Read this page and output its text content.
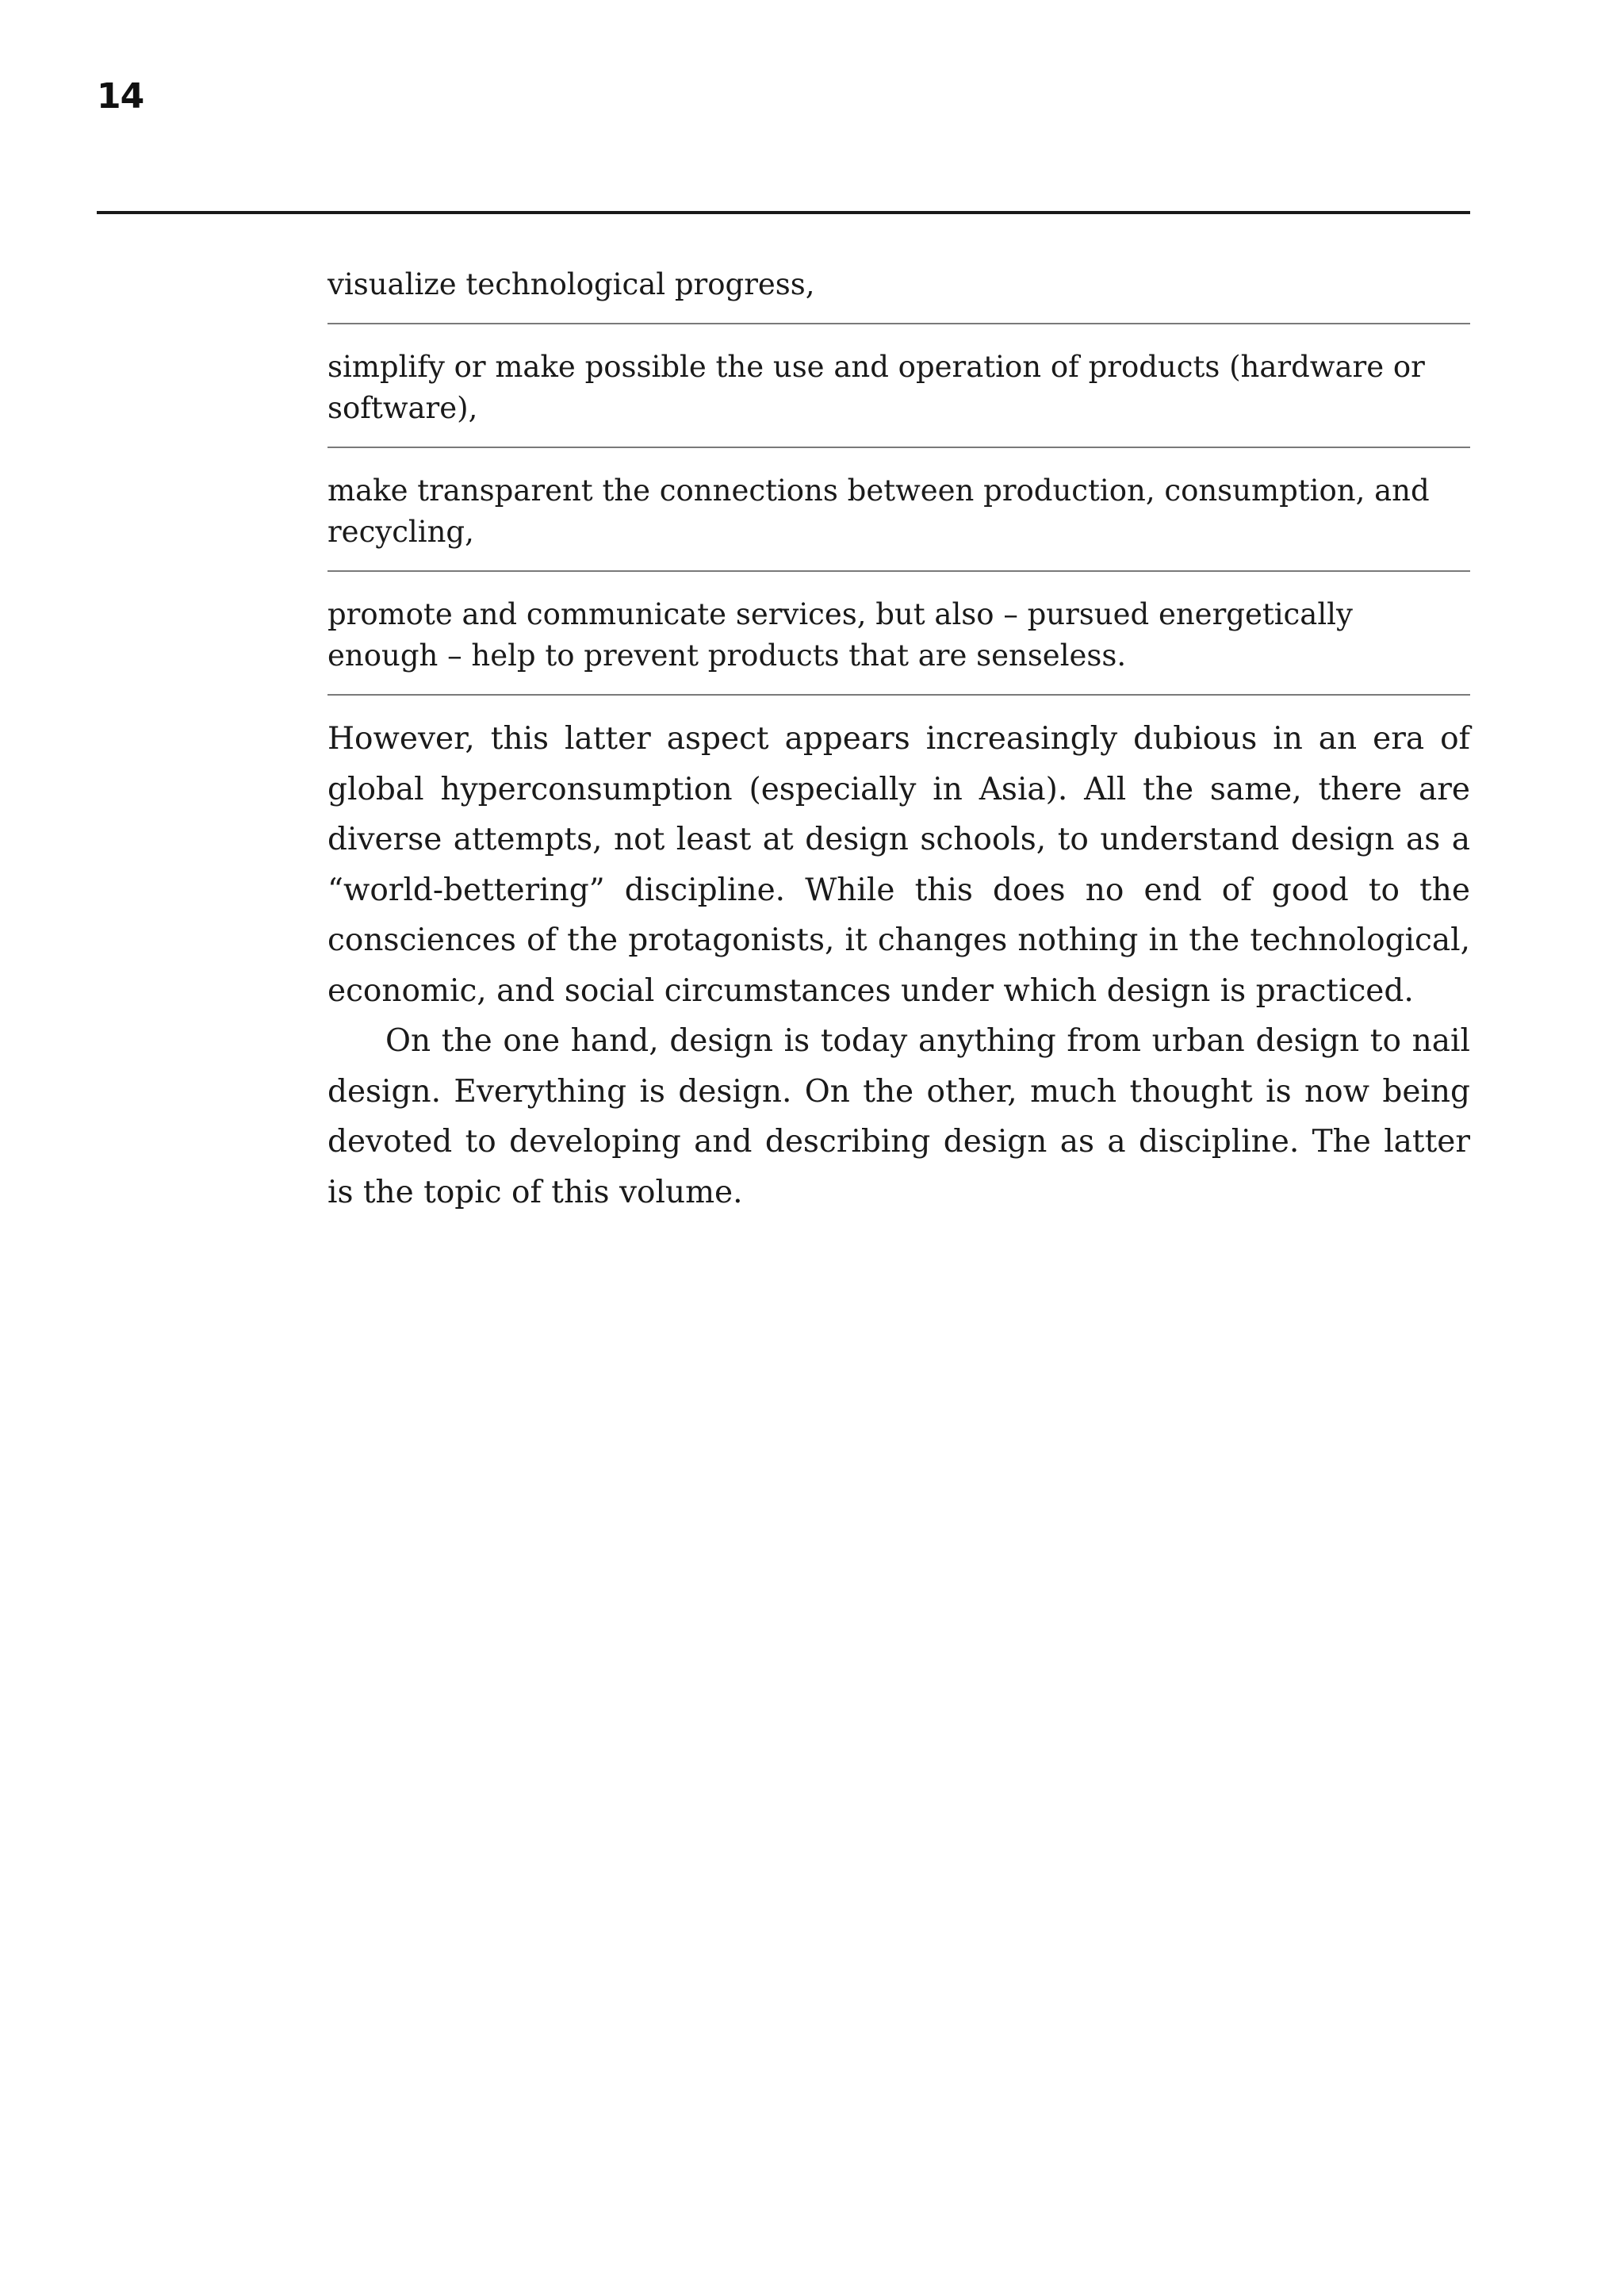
14
visualize technological progress,
simplify or make possible the use and operation of products (hardware or software),
make transparent the connections between production, consumption, and recycling,
promote and communicate services, but also – pursued energetically enough – help to prevent products that are senseless.

However, this latter aspect appears increasingly dubious in an era of global hyperconsumption (especially in Asia). All the same, there are diverse attempts, not least at design schools, to understand design as a “world-bettering” discipline. While this does no end of good to the consciences of the protagonists, it changes nothing in the technological, economic, and social circumstances under which design is practiced.

On the one hand, design is today anything from urban design to nail design. Everything is design. On the other, much thought is now being devoted to developing and describing design as a discipline. The latter is the topic of this volume.
